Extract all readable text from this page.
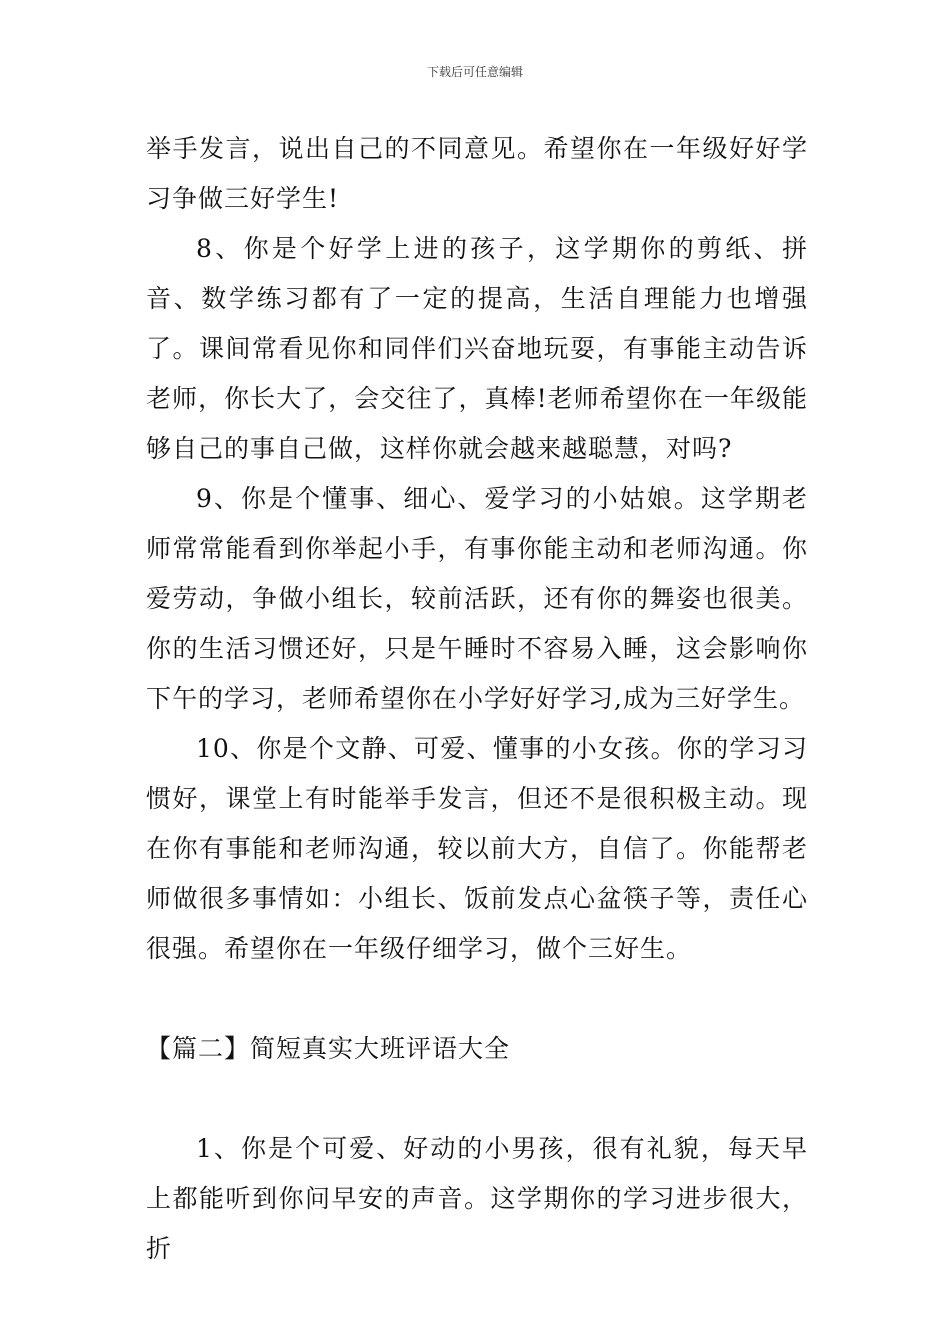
下载后可任意编辑

举手发言，说出自己的不同意见。希望你在一年级好好学习争做三好学生!

8、你是个好学上进的孩子，这学期你的剪纸、拼音、数学练习都有了一定的提高，生活自理能力也增强了。课间常看见你和同伴们兴奋地玩耍，有事能主动告诉老师，你长大了，会交往了，真棒!老师希望你在一年级能够自己的事自己做，这样你就会越来越聪慧，对吗?

9、你是个懂事、细心、爱学习的小姑娘。这学期老师常常能看到你举起小手，有事你能主动和老师沟通。你爱劳动，争做小组长，较前活跃，还有你的舞姿也很美。你的生活习惯还好，只是午睡时不容易入睡，这会影响你下午的学习，老师希望你在小学好好学习,成为三好学生。

10、你是个文静、可爱、懂事的小女孩。你的学习习惯好，课堂上有时能举手发言，但还不是很积极主动。现在你有事能和老师沟通，较以前大方，自信了。你能帮老师做很多事情如：小组长、饭前发点心盆筷子等，责任心很强。希望你在一年级仔细学习，做个三好生。

【篇二】简短真实大班评语大全

1、你是个可爱、好动的小男孩，很有礼貌，每天早上都能听到你问早安的声音。这学期你的学习进步很大，折
